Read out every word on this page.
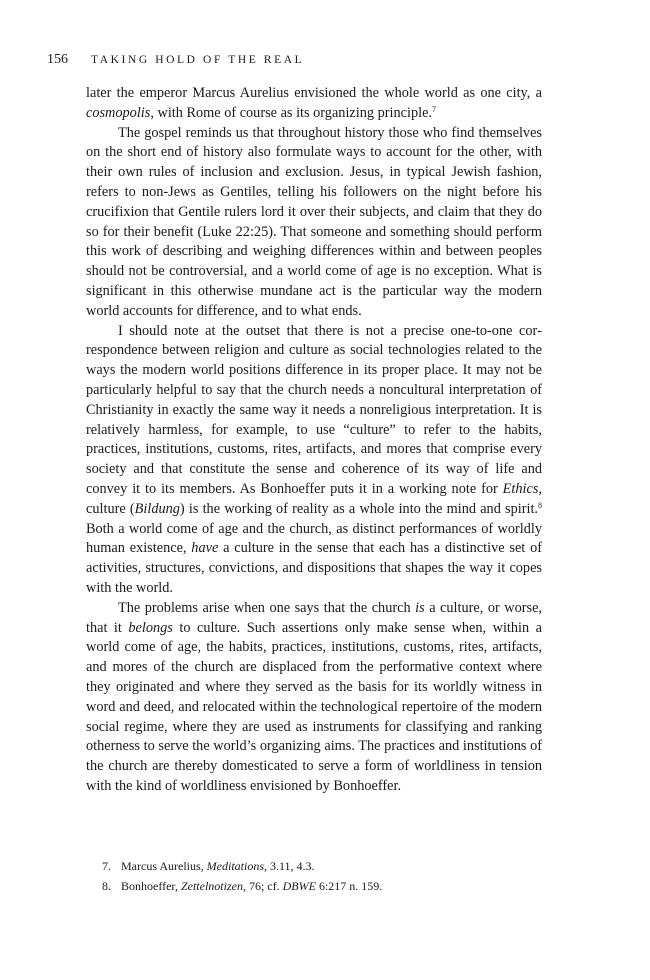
156 TAKING HOLD OF THE REAL

later the emperor Marcus Aurelius envisioned the whole world as one city, a cosmopolis, with Rome of course as its organizing principle.$^7$

The gospel reminds us that throughout history those who find themselves on the short end of history also formulate ways to account for the other, with their own rules of inclusion and exclusion. Jesus, in typical Jewish fashion, refers to non-Jews as Gentiles, telling his followers on the night before his crucifixion that Gentile rulers lord it over their subjects, and claim that they do so for their benefit (Luke 22:25). That someone and something should perform this work of describing and weighing differences within and between peoples should not be controversial, and a world come of age is no exception. What is significant in this otherwise mundane act is the particular way the modern world accounts for difference, and to what ends.

I should note at the outset that there is not a precise one-to-one correspondence between religion and culture as social technologies related to the ways the modern world positions difference in its proper place. It may not be particularly helpful to say that the church needs a noncultural interpretation of Christianity in exactly the same way it needs a nonreligious interpretation. It is relatively harmless, for example, to use “culture” to refer to the habits, practices, institutions, customs, rites, artifacts, and mores that comprise every society and that constitute the sense and coherence of its way of life and convey it to its members. As Bonhoeffer puts it in a working note for Ethics, culture (Bildung) is the working of reality as a whole into the mind and spirit.$^8$ Both a world come of age and the church, as distinct performances of worldly human existence, have a culture in the sense that each has a distinctive set of activities, structures, convictions, and dispositions that shapes the way it copes with the world.

The problems arise when one says that the church is a culture, or worse, that it belongs to culture. Such assertions only make sense when, within a world come of age, the habits, practices, institutions, customs, rites, artifacts, and mores of the church are displaced from the performative context where they originated and where they served as the basis for its worldly witness in word and deed, and relocated within the technological repertoire of the modern social regime, where they are used as instruments for classifying and ranking otherness to serve the world’s organizing aims. The practices and institutions of the church are thereby domesticated to serve a form of worldliness in tension with the kind of worldliness envisioned by Bonhoeffer.

7. Marcus Aurelius, Meditations, 3.11, 4.3.
8. Bonhoeffer, Zettelnotizen, 76; cf. DBWE 6:217 n. 159.
